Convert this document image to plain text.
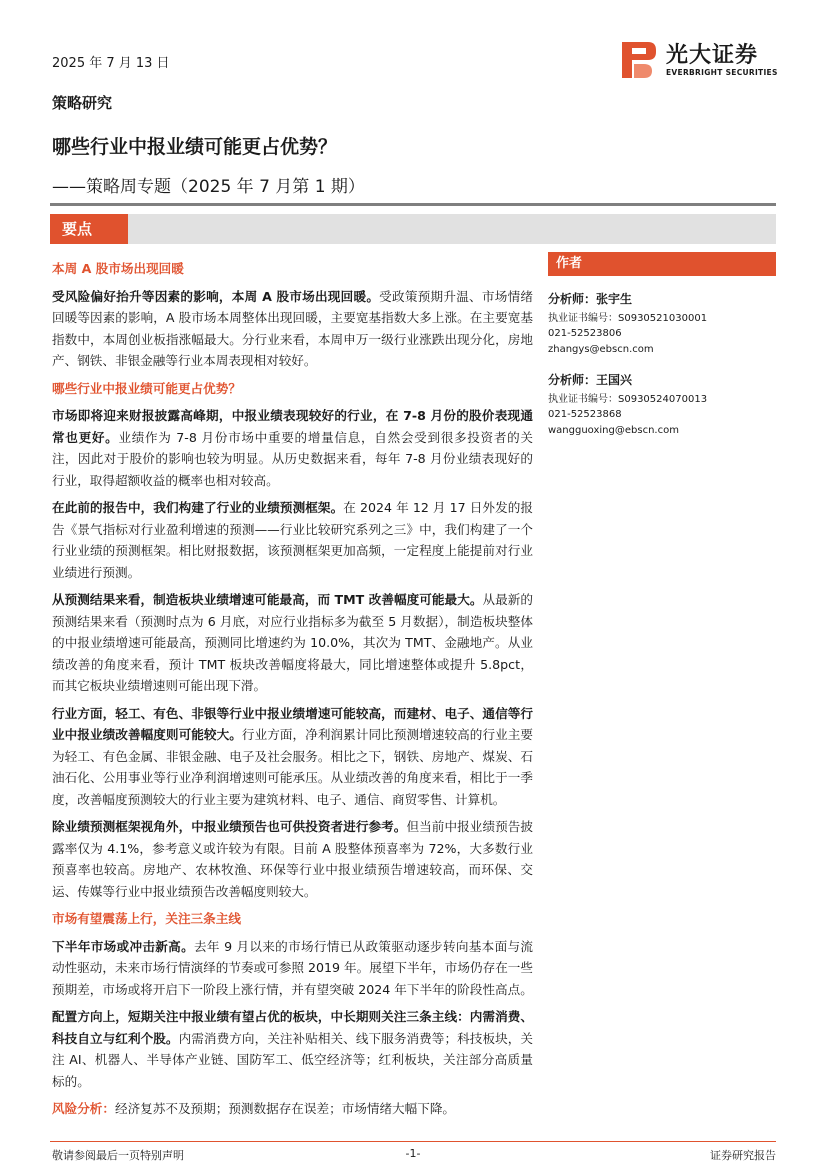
2025 年 7 月 13 日	光大证券
EVERBRIGHT SECURITIES
策略研究
哪些行业中报业绩可能更占优势？
——策略周专题（2025 年 7 月第 1 期）
要点
本周 A 股市场出现回暖

受风险偏好抬升等因素的影响，本周 A 股市场出现回暖。受政策预期升温、市场情绪回暖等因素的影响，A 股市场本周整体出现回暖，主要宽基指数大多上涨。在主要宽基指数中，本周创业板指涨幅最大。分行业来看，本周申万一级行业涨跌出现分化，房地产、钢铁、非银金融等行业本周表现相对较好。

哪些行业中报业绩可能更占优势？

市场即将迎来财报披露高峰期，中报业绩表现较好的行业，在 7-8 月份的股价表现通常也更好。业绩作为 7-8 月份市场中重要的增量信息，自然会受到很多投资者的关注，因此对于股价的影响也较为明显。从历史数据来看，每年 7-8 月份业绩表现好的行业，取得超额收益的概率也相对较高。

在此前的报告中，我们构建了行业的业绩预测框架。在 2024 年 12 月 17 日外发的报告《景气指标对行业盈利增速的预测——行业比较研究系列之三》中，我们构建了一个行业业绩的预测框架。相比财报数据，该预测框架更加高频，一定程度上能提前对行业业绩进行预测。

从预测结果来看，制造板块业绩增速可能最高，而 TMT 改善幅度可能最大。从最新的预测结果来看（预测时点为 6 月底，对应行业指标多为截至 5 月数据），制造板块整体的中报业绩增速可能最高，预测同比增速约为 10.0%，其次为 TMT、金融地产。从业绩改善的角度来看，预计 TMT 板块改善幅度将最大，同比增速整体或提升 5.8pct，而其它板块业绩增速则可能出现下滑。

行业方面，轻工、有色、非银等行业中报业绩增速可能较高，而建材、电子、通信等行业中报业绩改善幅度则可能较大。行业方面，净利润累计同比预测增速较高的行业主要为轻工、有色金属、非银金融、电子及社会服务。相比之下，钢铁、房地产、煤炭、石油石化、公用事业等行业净利润增速则可能承压。从业绩改善的角度来看，相比于一季度，改善幅度预测较大的行业主要为建筑材料、电子、通信、商贸零售、计算机。

除业绩预测框架视角外，中报业绩预告也可供投资者进行参考。但当前中报业绩预告披露率仅为 4.1%，参考意义或许较为有限。目前 A 股整体预喜率为 72%，大多数行业预喜率也较高。房地产、农林牧渔、环保等行业中报业绩预告增速较高，而环保、交运、传媒等行业中报业绩预告改善幅度则较大。

市场有望震荡上行，关注三条主线

下半年市场或冲击新高。去年 9 月以来的市场行情已从政策驱动逐步转向基本面与流动性驱动，未来市场行情演绎的节奏或可参照 2019 年。展望下半年，市场仍存在一些预期差，市场或将开启下一阶段上涨行情，并有望突破 2024 年下半年的阶段性高点。

配置方向上，短期关注中报业绩有望占优的板块，中长期则关注三条主线：内需消费、科技自立与红利个股。内需消费方向，关注补贴相关、线下服务消费等；科技板块，关注 AI、机器人、半导体产业链、国防军工、低空经济等；红利板块，关注部分高质量标的。

风险分析：经济复苏不及预期；预测数据存在误差；市场情绪大幅下降。

作者
分析师：张宇生
执业证书编号：S0930521030001
021-52523806
zhangys@ebscn.com
分析师：王国兴
执业证书编号：S0930524070013
021-52523868
wangguoxing@ebscn.com
敬请参阅最后一页特别声明	-1-	证券研究报告
